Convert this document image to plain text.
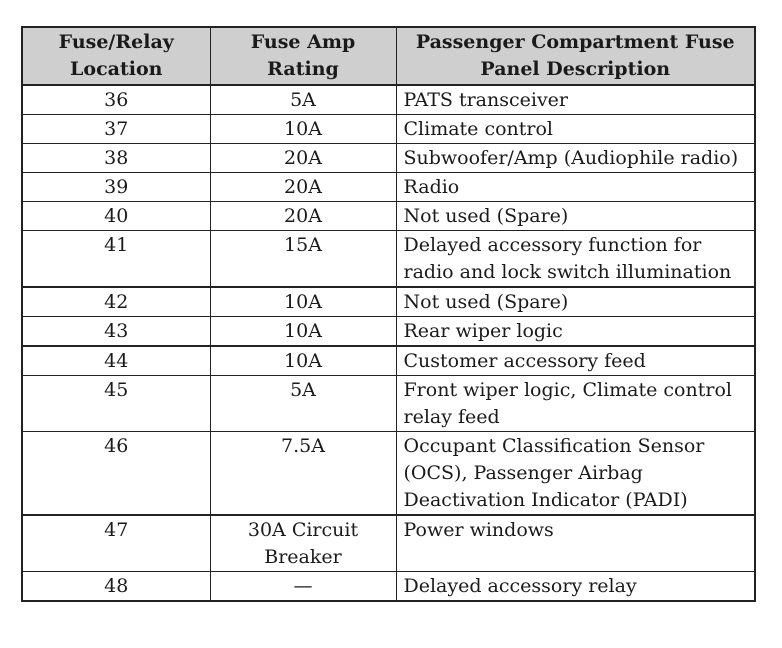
Fuse/Relay Location	Fuse Amp Rating	Passenger Compartment Fuse Panel Description
36	5A	PATS transceiver
37	10A	Climate control
38	20A	Subwoofer/Amp (Audiophile radio)
39	20A	Radio
40	20A	Not used (Spare)
41	15A	Delayed accessory function for radio and lock switch illumination
42	10A	Not used (Spare)
43	10A	Rear wiper logic
44	10A	Customer accessory feed
45	5A	Front wiper logic, Climate control relay feed
46	7.5A	Occupant Classification Sensor (OCS), Passenger Airbag Deactivation Indicator (PADI)
47	30A Circuit Breaker	Power windows
48	—	Delayed accessory relay
